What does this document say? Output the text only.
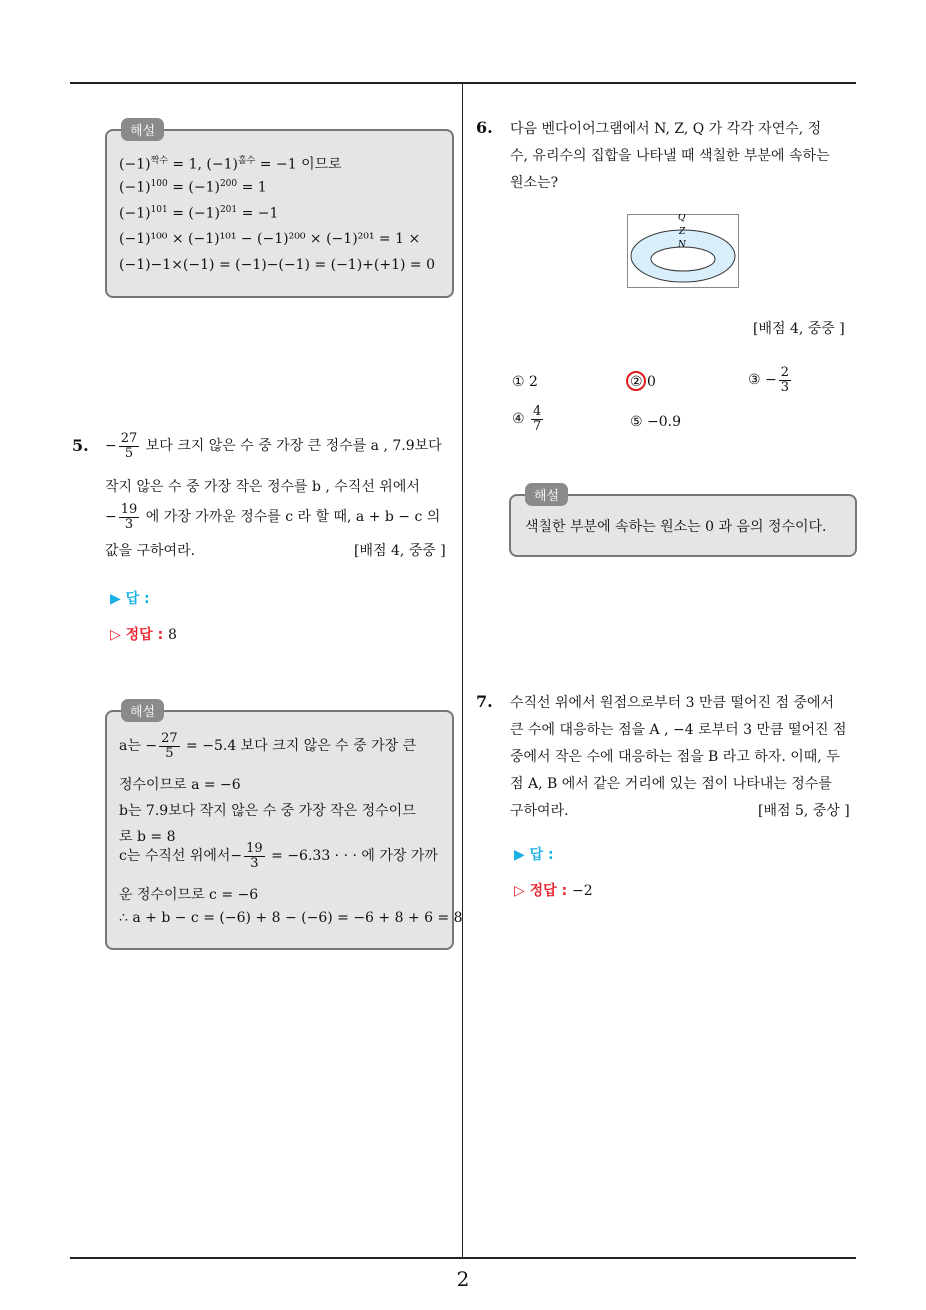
2
해설
$(-1)^{짝수} = 1$, $(-1)^{홀수} = -1$ 이므로
$(-1)^{100} = (-1)^{200} = 1$
$(-1)^{101} = (-1)^{201} = -1$
(−1)¹⁰⁰ × (−1)¹⁰¹ − (−1)²⁰⁰ × (−1)²⁰¹ = 1 ×
(−1)−1×(−1) = (−1)−(−1) = (−1)+(+1) = 0
5. − $\frac{27}{5}$ 보다 크지 않은 수 중 가장 큰 정수를 a , 7.9보다
작지 않은 수 중 가장 작은 정수를 b , 수직선 위에서
− $\frac{19}{3}$ 에 가장 가까운 정수를 c 라 할 때, a + b − c 의
값을 구하여라.	[배점 4, 중중 ]
▶ 답 :
▷ 정답 : 8
해설
a는 − $\frac{27}{5} = -5.4$ 보다 크지 않은 수 중 가장 큰
정수이므로 a = −6
b는 7.9보다 작지 않은 수 중 가장 작은 정수이므
로 b = 8
c는 수직선 위에서− $\frac{19}{3} = -6.33$ · · · 에 가장 가까
운 정수이므로 c = −6
∴ a + b − c = (−6) + 8 − (−6) = −6 + 8 + 6 = 8
6. 다음 벤다이어그램에서 N, Z, Q 가 각각 자연수, 정
수, 유리수의 집합을 나타낼 때 색칠한 부분에 속하는
원소는?
Q
Z
N
[배점 4, 중중 ]
① 2	② 0	③ − $\frac{2}{3}$
④ $\frac{4}{7}$	⑤ −0.9
해설
색칠한 부분에 속하는 원소는 0 과 음의 정수이다.
7. 수직선 위에서 원점으로부터 3 만큼 떨어진 점 중에서
큰 수에 대응하는 점을 A , −4 로부터 3 만큼 떨어진 점
중에서 작은 수에 대응하는 점을 B 라고 하자. 이때, 두
점 A, B 에서 같은 거리에 있는 점이 나타내는 정수를
구하여라.	[배점 5, 중상 ]
▶ 답 :
▷ 정답 : −2
